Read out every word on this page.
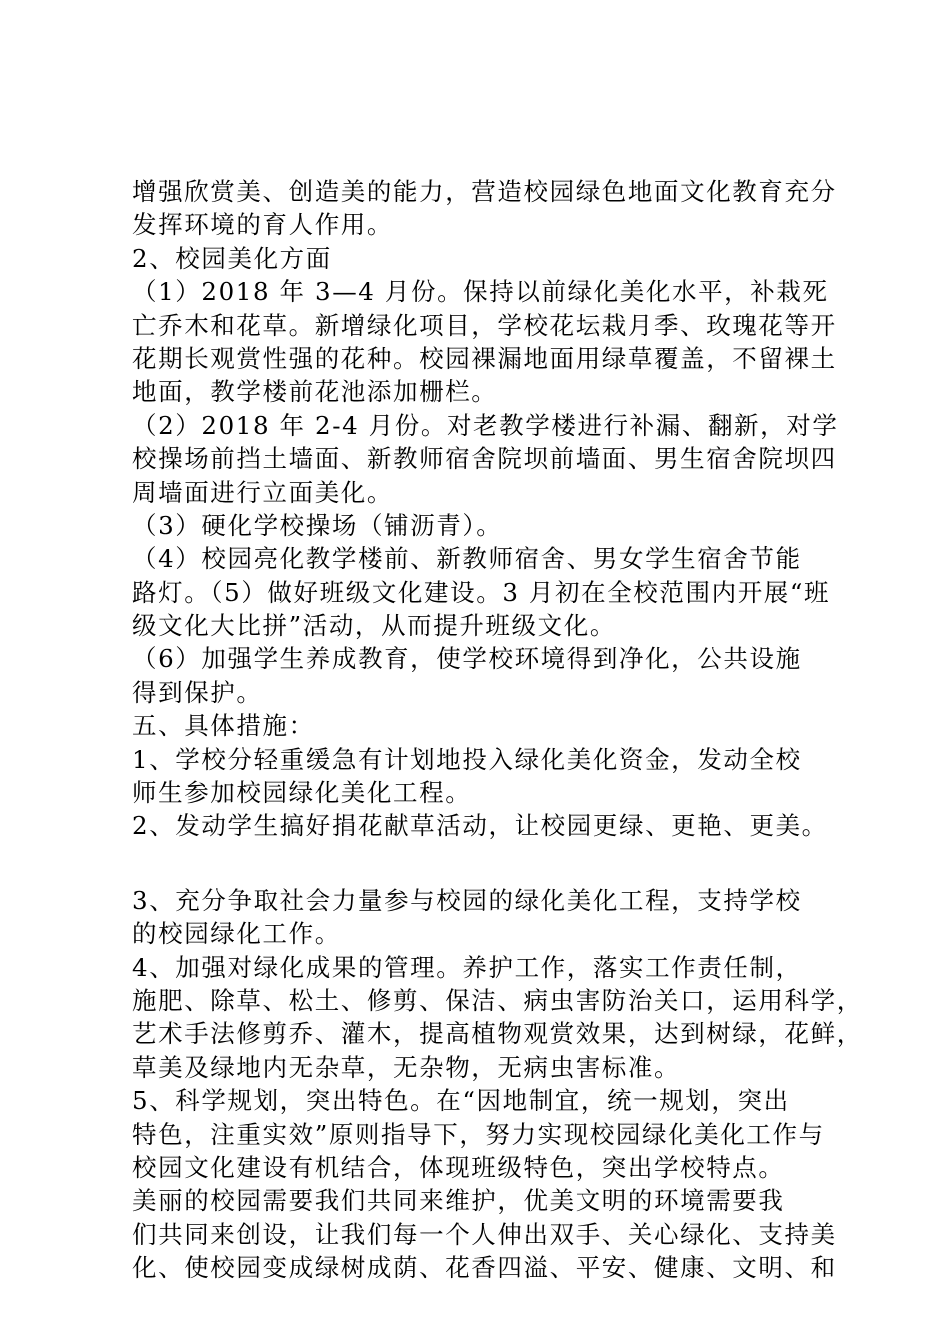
增强欣赏美、创造美的能力，营造校园绿色地面文化教育充分
发挥环境的育人作用。
2、校园美化方面
（1）2018 年 3—4 月份。保持以前绿化美化水平，补栽死
亡乔木和花草。新增绿化项目，学校花坛栽月季、玫瑰花等开
花期长观赏性强的花种。校园裸漏地面用绿草覆盖，不留裸土
地面，教学楼前花池添加栅栏。
（2）2018 年 2-4 月份。对老教学楼进行补漏、翻新，对学
校操场前挡土墙面、新教师宿舍院坝前墙面、男生宿舍院坝四
周墙面进行立面美化。
（3）硬化学校操场（铺沥青）。
（4）校园亮化教学楼前、新教师宿舍、男女学生宿舍节能
路灯。（5）做好班级文化建设。3 月初在全校范围内开展“班
级文化大比拼”活动，从而提升班级文化。
（6）加强学生养成教育，使学校环境得到净化，公共设施
得到保护。
五、具体措施：
1、学校分轻重缓急有计划地投入绿化美化资金，发动全校
师生参加校园绿化美化工程。
2、发动学生搞好捐花献草活动，让校园更绿、更艳、更美。
3、充分争取社会力量参与校园的绿化美化工程，支持学校
的校园绿化工作。
4、加强对绿化成果的管理。养护工作，落实工作责任制，
施肥、除草、松土、修剪、保洁、病虫害防治关口，运用科学，
艺术手法修剪乔、灌木，提高植物观赏效果，达到树绿，花鲜，
草美及绿地内无杂草，无杂物，无病虫害标准。
5、科学规划，突出特色。在“因地制宜，统一规划，突出
特色，注重实效”原则指导下，努力实现校园绿化美化工作与
校园文化建设有机结合，体现班级特色，突出学校特点。
美丽的校园需要我们共同来维护，优美文明的环境需要我
们共同来创设，让我们每一个人伸出双手、关心绿化、支持美
化、使校园变成绿树成荫、花香四溢、平安、健康、文明、和
